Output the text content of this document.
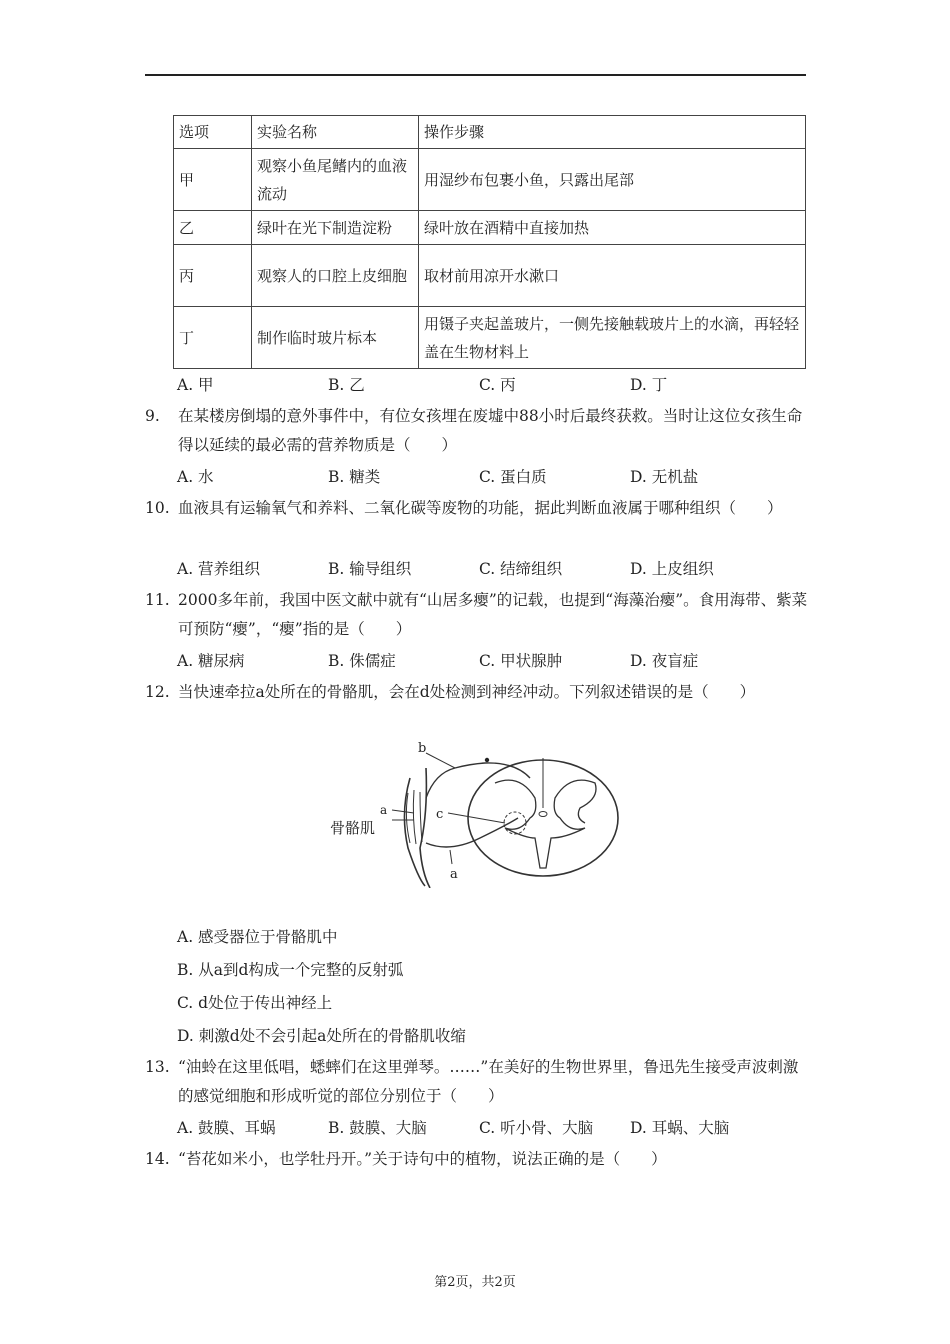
选项	实验名称	操作步骤
甲	观察小鱼尾鳍内的血液流动	用湿纱布包裹小鱼，只露出尾部
乙	绿叶在光下制造淀粉	绿叶放在酒精中直接加热
丙	观察人的口腔上皮细胞	取材前用凉开水漱口
丁	制作临时玻片标本	用镊子夹起盖玻片，一侧先接触载玻片上的水滴，再轻轻盖在生物材料上
A. 甲	B. 乙	C. 丙	D. 丁
9. 在某楼房倒塌的意外事件中，有位女孩埋在废墟中88小时后最终获救。当时让这位女孩生命得以延续的最必需的营养物质是（　　）
A. 水	B. 糖类	C. 蛋白质	D. 无机盐
10. 血液具有运输氧气和养料、二氧化碳等废物的功能，据此判断血液属于哪种组织（　　）
A. 营养组织	B. 输导组织	C. 结缔组织	D. 上皮组织
11. 2000多年前，我国中医文献中就有“山居多瘿”的记载，也提到“海藻治瘿”。食用海带、紫菜可预防“瘿”，“瘿”指的是（　　）
A. 糖尿病	B. 侏儒症	C. 甲状腺肿	D. 夜盲症
12. 当快速牵拉a处所在的骨骼肌，会在d处检测到神经冲动。下列叙述错误的是（　　）
骨骼肌
a
b
c
a
A. 感受器位于骨骼肌中
B. 从a到d构成一个完整的反射弧
C. d处位于传出神经上
D. 刺激d处不会引起a处所在的骨骼肌收缩
13. “油蛉在这里低唱，蟋蟀们在这里弹琴。……”在美好的生物世界里，鲁迅先生接受声波刺激的感觉细胞和形成听觉的部位分别位于（　　）
A. 鼓膜、耳蜗	B. 鼓膜、大脑	C. 听小骨、大脑 D. 耳蜗、大脑
14. “苔花如米小，也学牡丹开。”关于诗句中的植物，说法正确的是（　　）
第2页，共2页
